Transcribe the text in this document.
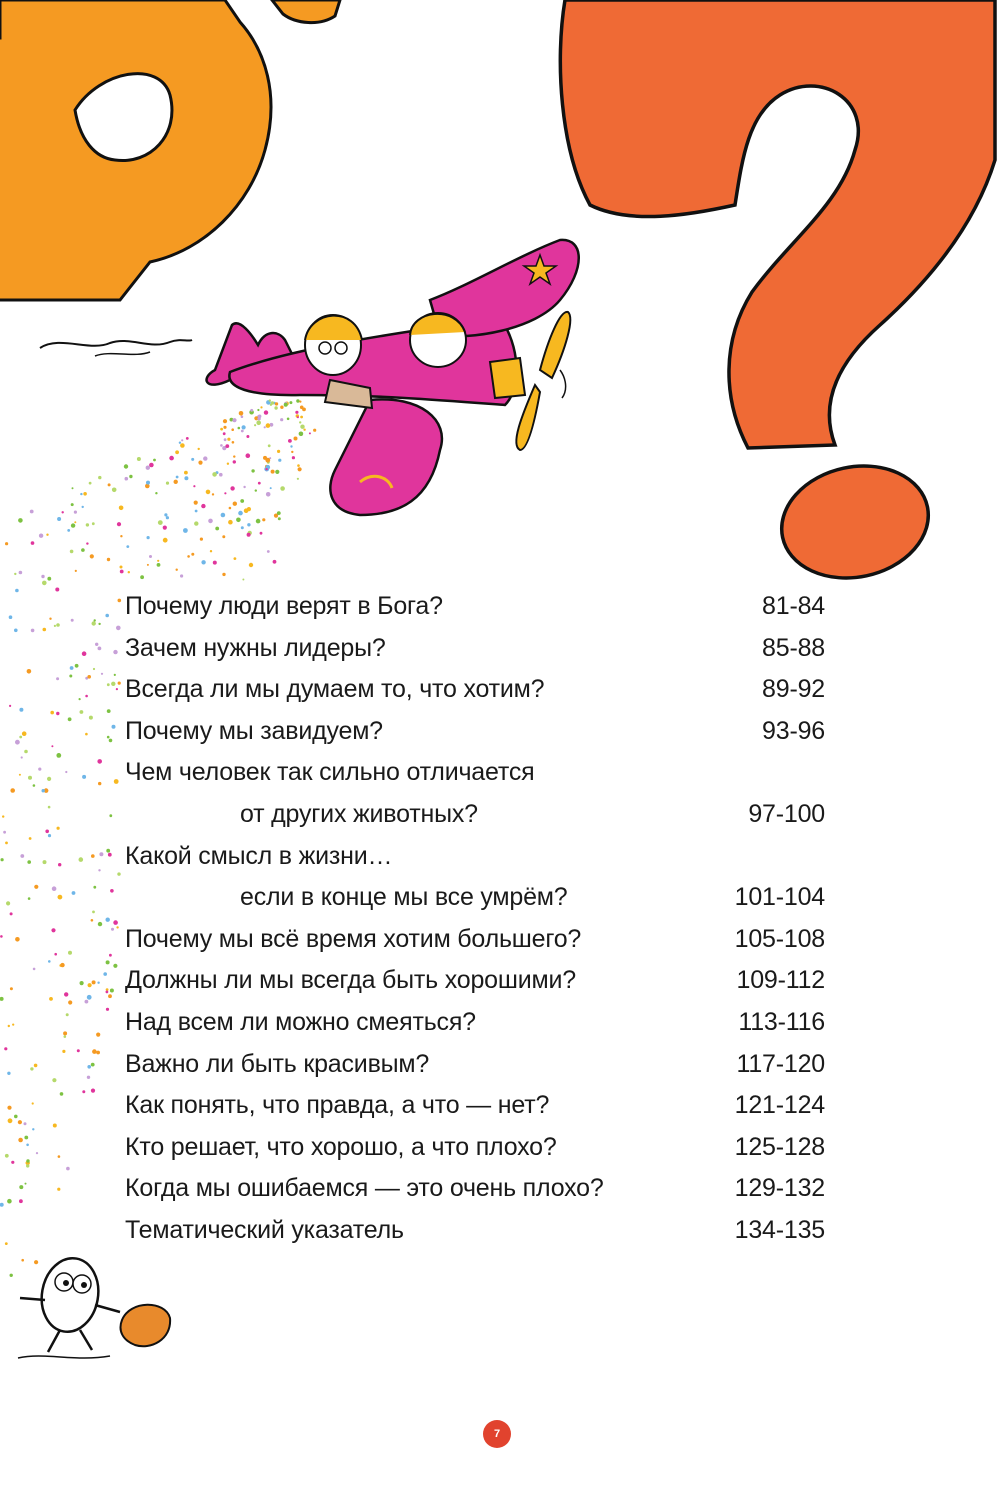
Почему люди верят в Бога?	81-84
Зачем нужны лидеры?	85-88
Всегда ли мы думаем то, что хотим?	89-92
Почему мы завидуем?	93-96
Чем человек так сильно отличается
от других животных?	97-100
Какой смысл в жизни…
если в конце мы все умрём?	101-104
Почему мы всё время хотим большего?	105-108
Должны ли мы всегда быть хорошими?	109-112
Над всем ли можно смеяться?	113-116
Важно ли быть красивым?	117-120
Как понять, что правда, а что — нет?	121-124
Кто решает, что хорошо, а что плохо?	125-128
Когда мы ошибаемся — это очень плохо?	129-132
Тематический указатель	134-135
7
